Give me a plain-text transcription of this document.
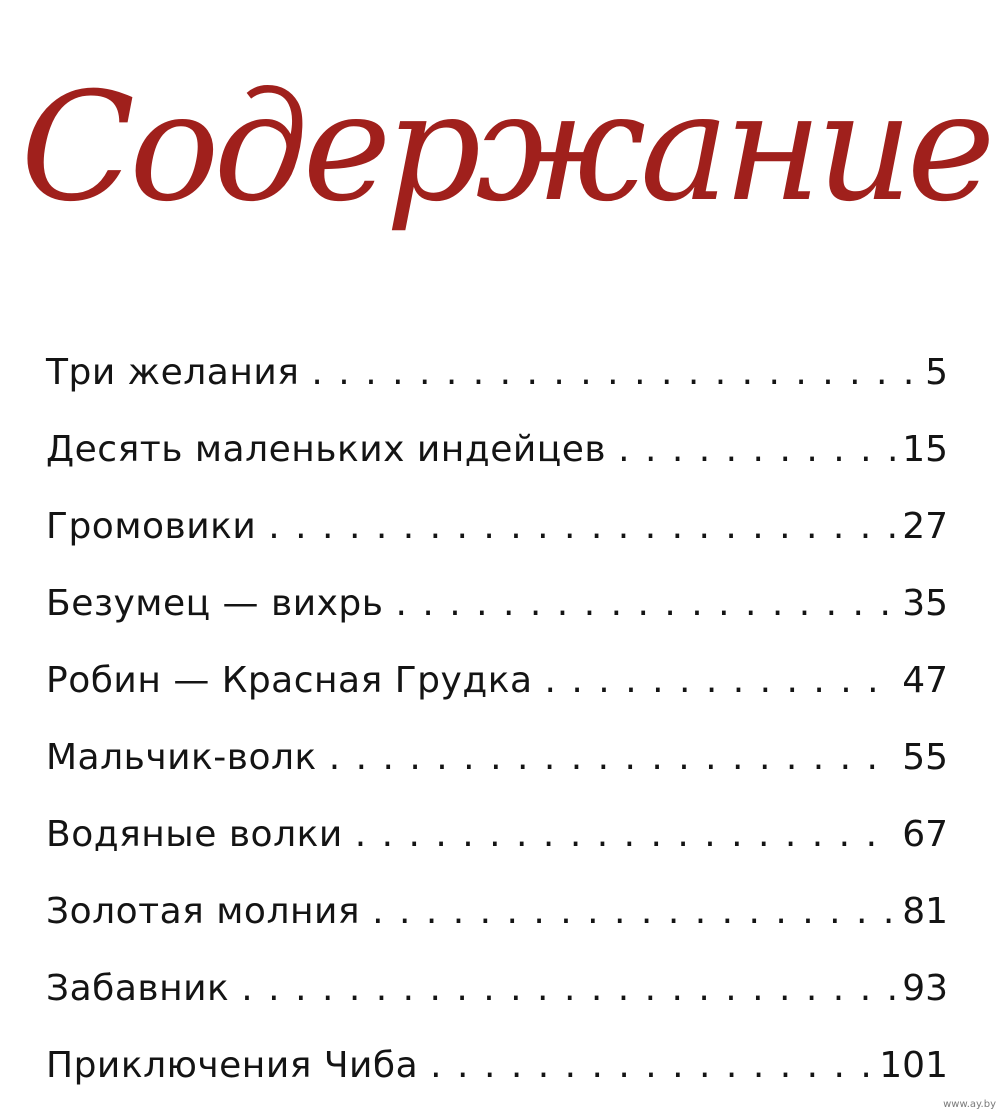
Содержание
Три желания . . .	5
Десять маленьких индейцев . . .	15
Громовики . . .	27
Безумец — вихрь . . .	35
Робин — Красная Грудка . . .	47
Мальчик-волк . . .	55
Водяные волки . . .	67
Золотая молния . . .	81
Забавник . . .	93
Приключения Чиба . . .	101
www.ay.by
